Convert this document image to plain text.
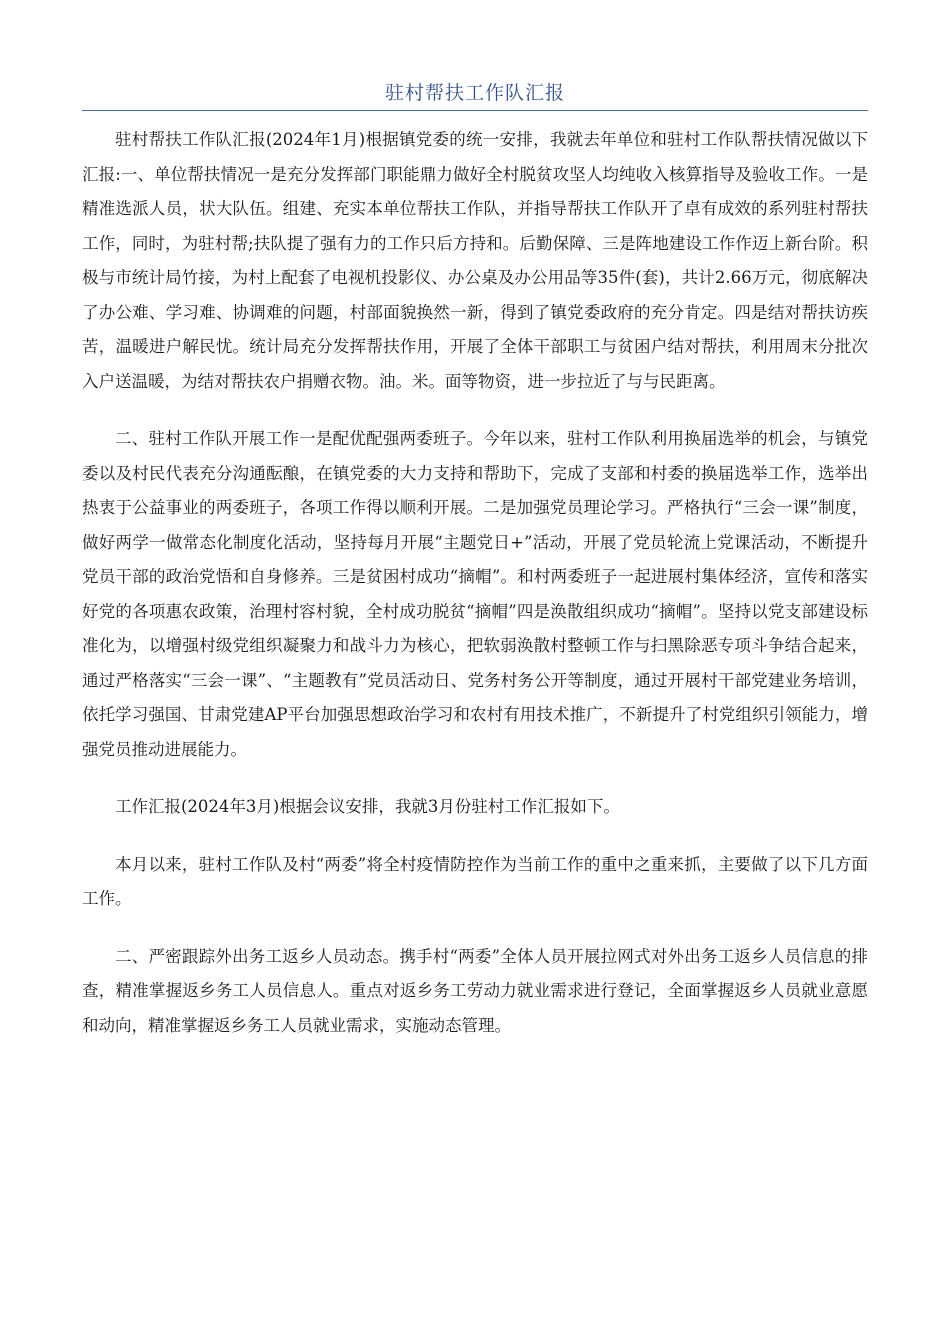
驻村帮扶工作队汇报

驻村帮扶工作队汇报(2024年1月)根据镇党委的统一安排，我就去年单位和驻村工作队帮扶情况做以下汇报:一、单位帮扶情况一是充分发挥部门职能鼎力做好全村脱贫攻坚人均纯收入核算指导及验收工作。一是精准选派人员，状大队伍。组建、充实本单位帮扶工作队，并指导帮扶工作队开了卓有成效的系列驻村帮扶工作，同时，为驻村帮;扶队提了强有力的工作只后方持和。后勤保障、三是阵地建设工作作迈上新台阶。积极与市统计局竹接，为村上配套了电视机投影仪、办公桌及办公用品等35件(套)，共计2.66万元，彻底解决了办公难、学习难、协调难的问题，村部面貌换然一新，得到了镇党委政府的充分肯定。四是结对帮扶访疾苦，温暖进户解民忧。统计局充分发挥帮扶作用，开展了全体干部职工与贫困户结对帮扶，利用周末分批次入户送温暖，为结对帮扶农户捐赠衣物。油。米。面等物资，进一步拉近了与与民距离。

二、驻村工作队开展工作一是配优配强两委班子。今年以来，驻村工作队利用换届选举的机会，与镇党委以及村民代表充分沟通酝酿，在镇党委的大力支持和帮助下，完成了支部和村委的换届选举工作，选举出热衷于公益事业的两委班子，各项工作得以顺利开展。二是加强党员理论学习。严格执行“三会一课”制度，做好两学一做常态化制度化活动，坚持每月开展“主题党日+”活动，开展了党员轮流上党课活动，不断提升党员干部的政治党悟和自身修养。三是贫困村成功“摘帽”。和村两委班子一起进展村集体经济，宣传和落实好党的各项惠农政策，治理村容村貌，全村成功脱贫“摘帽”四是涣散组织成功“摘帽”。坚持以党支部建设标准化为，以增强村级党组织凝聚力和战斗力为核心，把软弱涣散村整顿工作与扫黑除恶专项斗争结合起来，通过严格落实“三会一课”、“主题教有”党员活动日、党务村务公开等制度，通过开展村干部党建业务培训，依托学习强国、甘肃党建AP平台加强思想政治学习和农村有用技术推广，不新提升了村党组织引领能力，增强党员推动进展能力。

工作汇报(2024年3月)根据会议安排，我就3月份驻村工作汇报如下。

本月以来，驻村工作队及村“两委”将全村疫情防控作为当前工作的重中之重来抓，主要做了以下几方面工作。

二、严密跟踪外出务工返乡人员动态。携手村“两委”全体人员开展拉网式对外出务工返乡人员信息的排查，精准掌握返乡务工人员信息人。重点对返乡务工劳动力就业需求进行登记，全面掌握返乡人员就业意愿和动向，精准掌握返乡务工人员就业需求，实施动态管理。
